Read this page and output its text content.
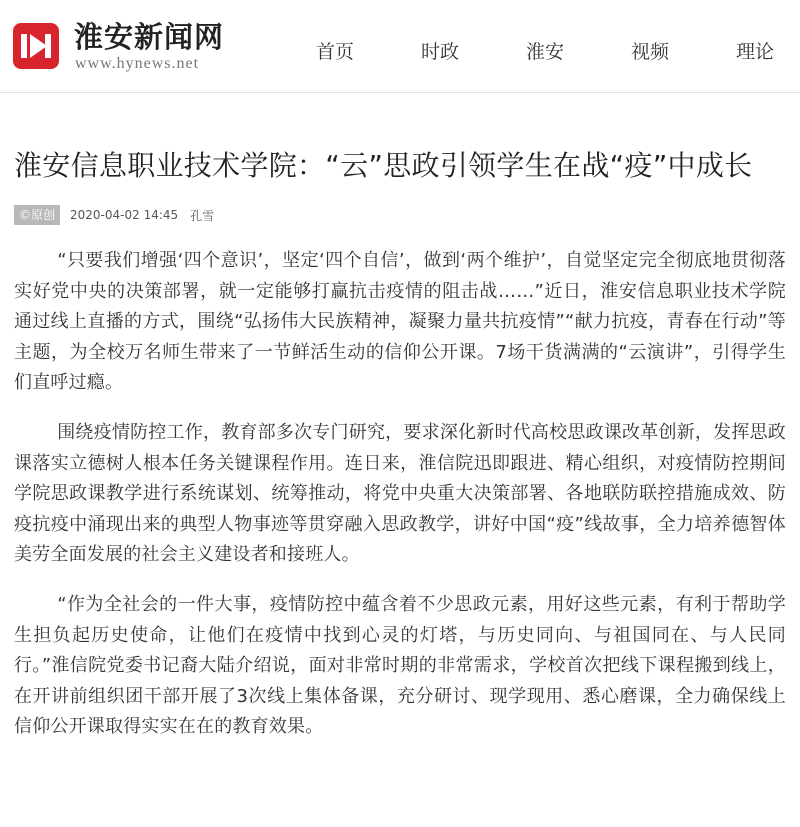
淮安新闻网
www.hynews.net
首页	时政	淮安	视频	理论
淮安信息职业技术学院：“云”思政引领学生在战“疫”中成长
©原创	2020-04-02 14:45 孔雪

“只要我们增强‘四个意识’，坚定‘四个自信’，做到‘两个维护’，自觉坚定完全彻底地贯彻落实好党中央的决策部署，就一定能够打赢抗击疫情的阻击战……”近日，淮安信息职业技术学院通过线上直播的方式，围绕“弘扬伟大民族精神，凝聚力量共抗疫情”“献力抗疫，青春在行动”等主题，为全校万名师生带来了一节鲜活生动的信仰公开课。7场干货满满的“云演讲”，引得学生们直呼过瘾。

围绕疫情防控工作，教育部多次专门研究，要求深化新时代高校思政课改革创新，发挥思政课落实立德树人根本任务关键课程作用。连日来，淮信院迅即跟进、精心组织，对疫情防控期间学院思政课教学进行系统谋划、统筹推动，将党中央重大决策部署、各地联防联控措施成效、防疫抗疫中涌现出来的典型人物事迹等贯穿融入思政教学，讲好中国“疫”线故事，全力培养德智体美劳全面发展的社会主义建设者和接班人。

“作为全社会的一件大事，疫情防控中蕴含着不少思政元素，用好这些元素，有利于帮助学生担负起历史使命，让他们在疫情中找到心灵的灯塔，与历史同向、与祖国同在、与人民同行。”淮信院党委书记裔大陆介绍说，面对非常时期的非常需求，学校首次把线下课程搬到线上，在开讲前组织团干部开展了3次线上集体备课，充分研讨、现学现用、悉心磨课，全力确保线上信仰公开课取得实实在在的教育效果。
